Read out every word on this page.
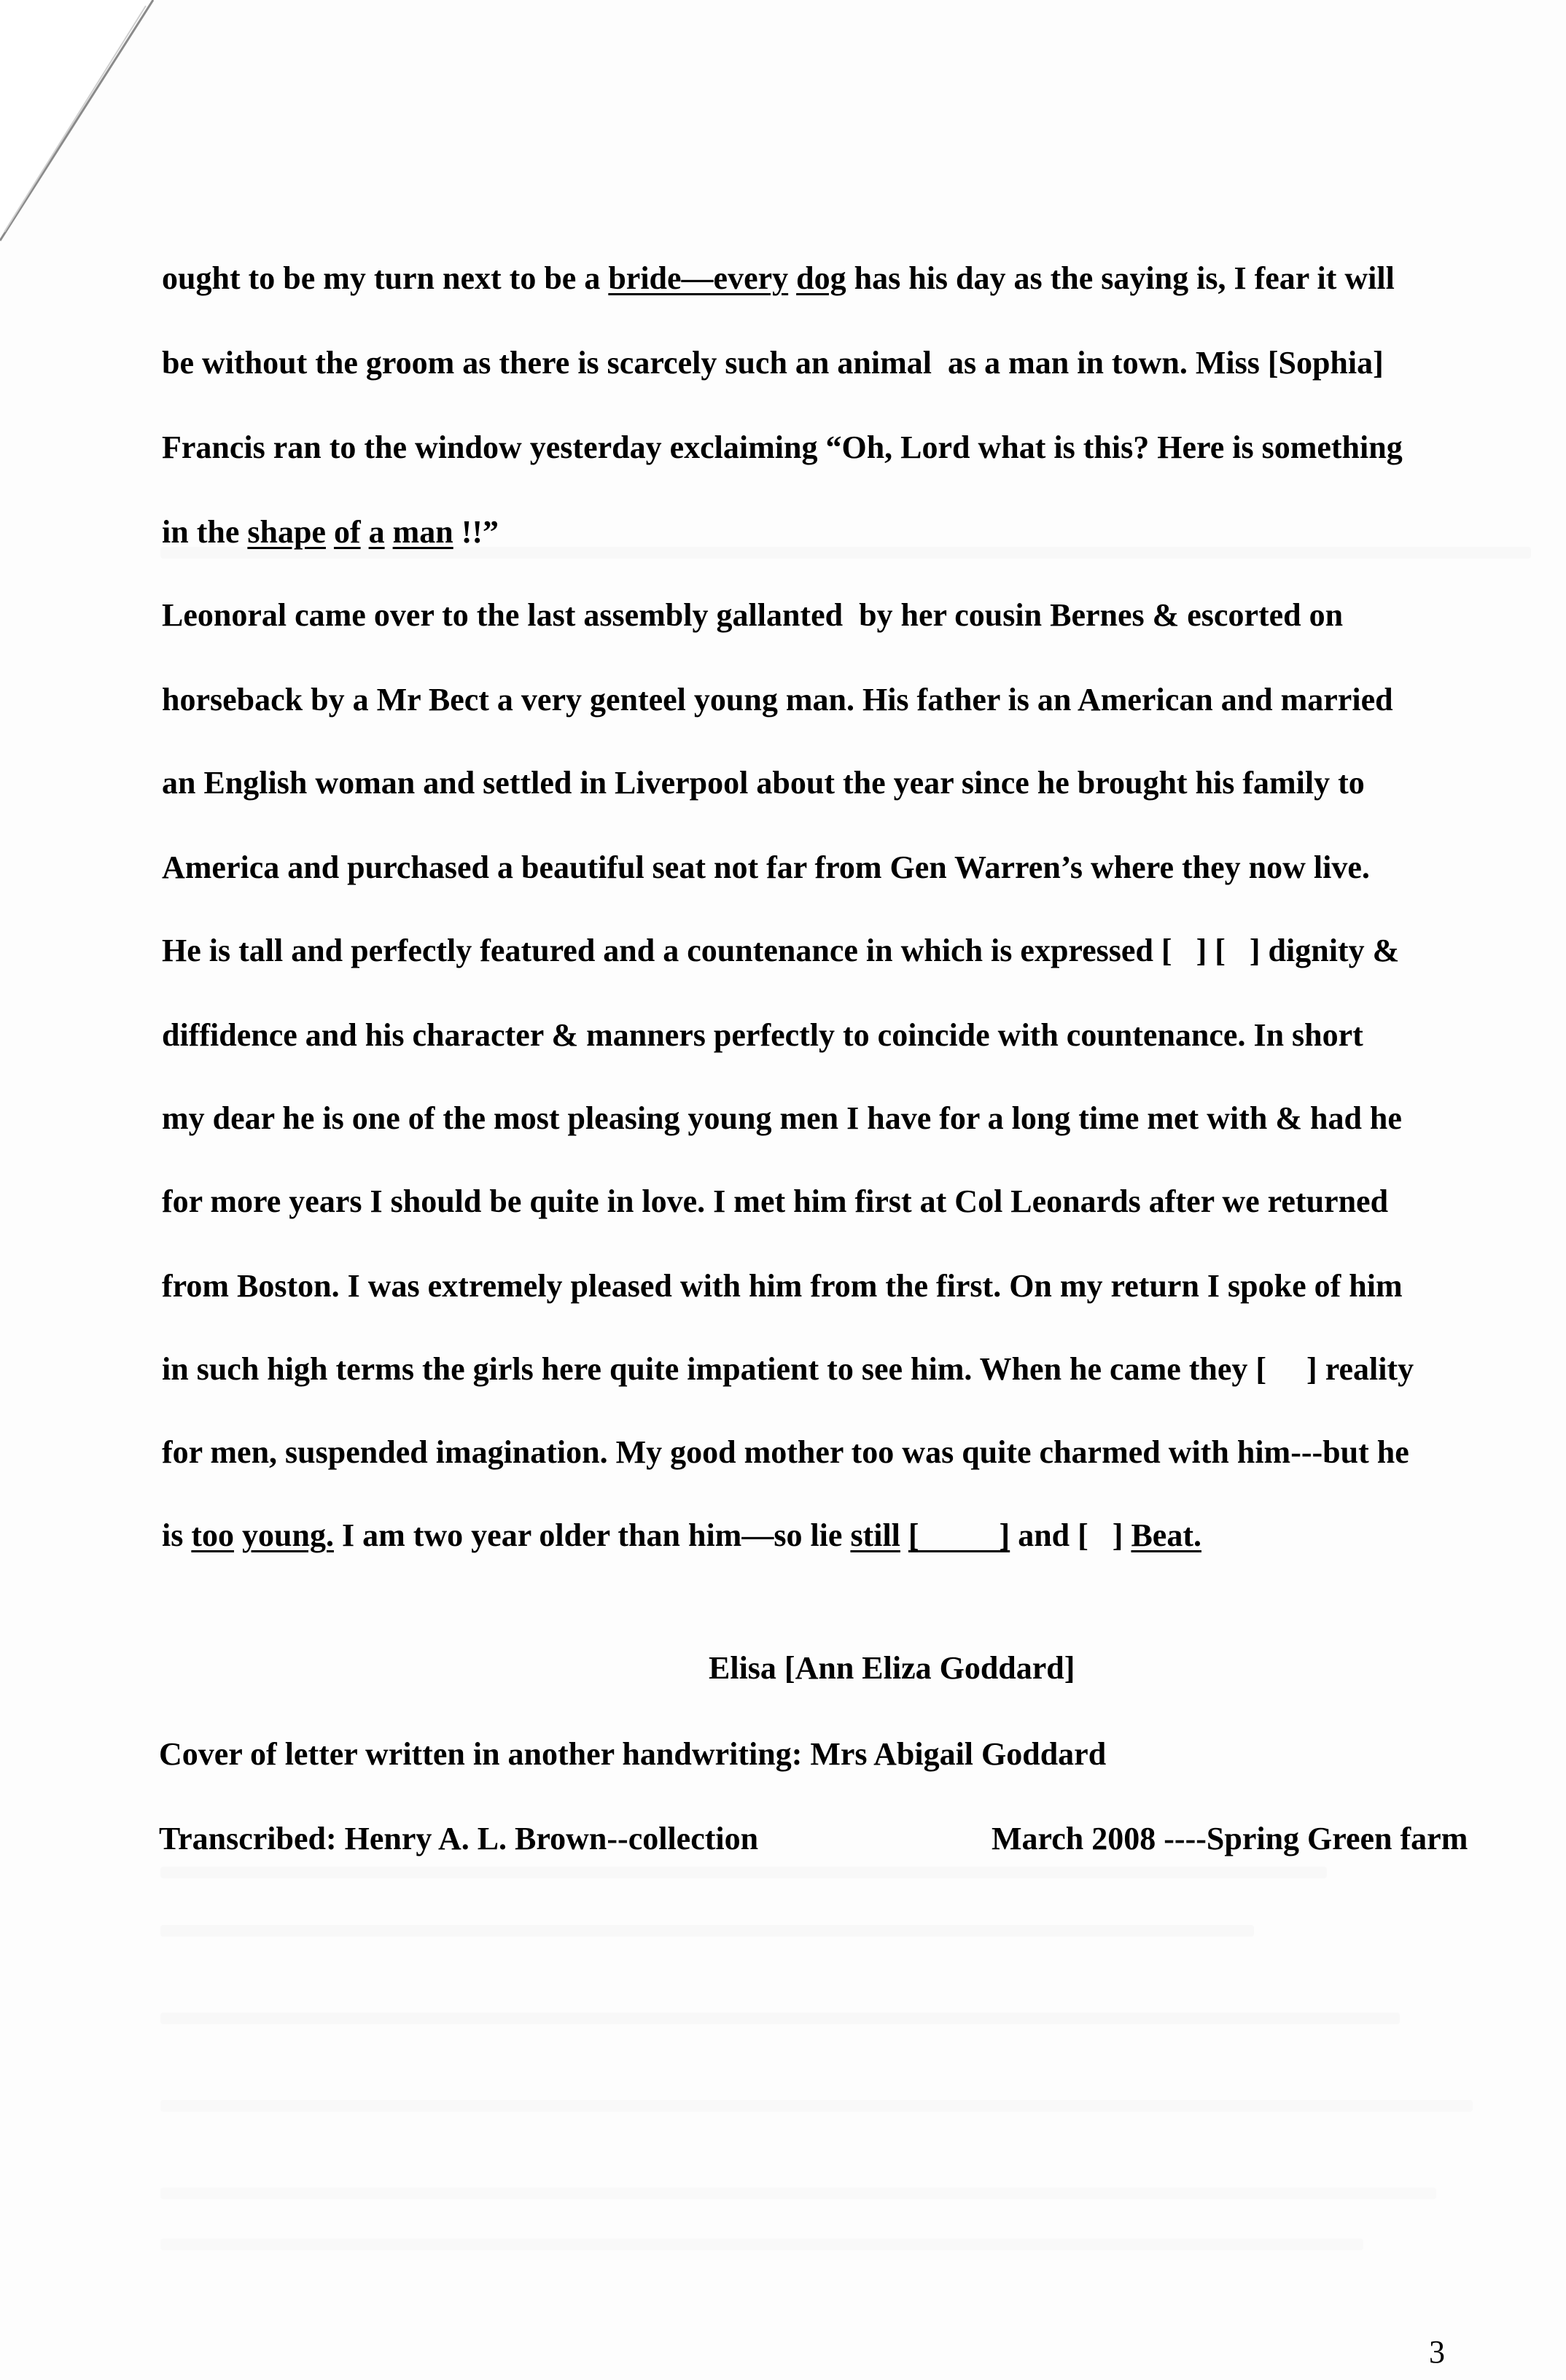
ought to be my turn next to be a bride—every dog has his day as the saying is, I fear it will
be without the groom as there is scarcely such an animal  as a man in town. Miss [Sophia]
Francis ran to the window yesterday exclaiming “Oh, Lord what is this? Here is something
in the shape of a man !!”
Leonoral came over to the last assembly gallanted  by her cousin Bernes & escorted on
horseback by a Mr Bect a very genteel young man. His father is an American and married
an English woman and settled in Liverpool about the year since he brought his family to
America and purchased a beautiful seat not far from Gen Warren’s where they now live.
He is tall and perfectly featured and a countenance in which is expressed [   ] [   ] dignity &
diffidence and his character & manners perfectly to coincide with countenance. In short
my dear he is one of the most pleasing young men I have for a long time met with & had he
for more years I should be quite in love. I met him first at Col Leonards after we returned
from Boston. I was extremely pleased with him from the first. On my return I spoke of him
in such high terms the girls here quite impatient to see him. When he came they [     ] reality
for men, suspended imagination. My good mother too was quite charmed with him---but he
is too young. I am two year older than him—so lie still [          ] and [   ] Beat.
Elisa [Ann Eliza Goddard]
Cover of letter written in another handwriting: Mrs Abigail Goddard
Transcribed: Henry A. L. Brown--collection	March 2008 ----Spring Green farm
3
